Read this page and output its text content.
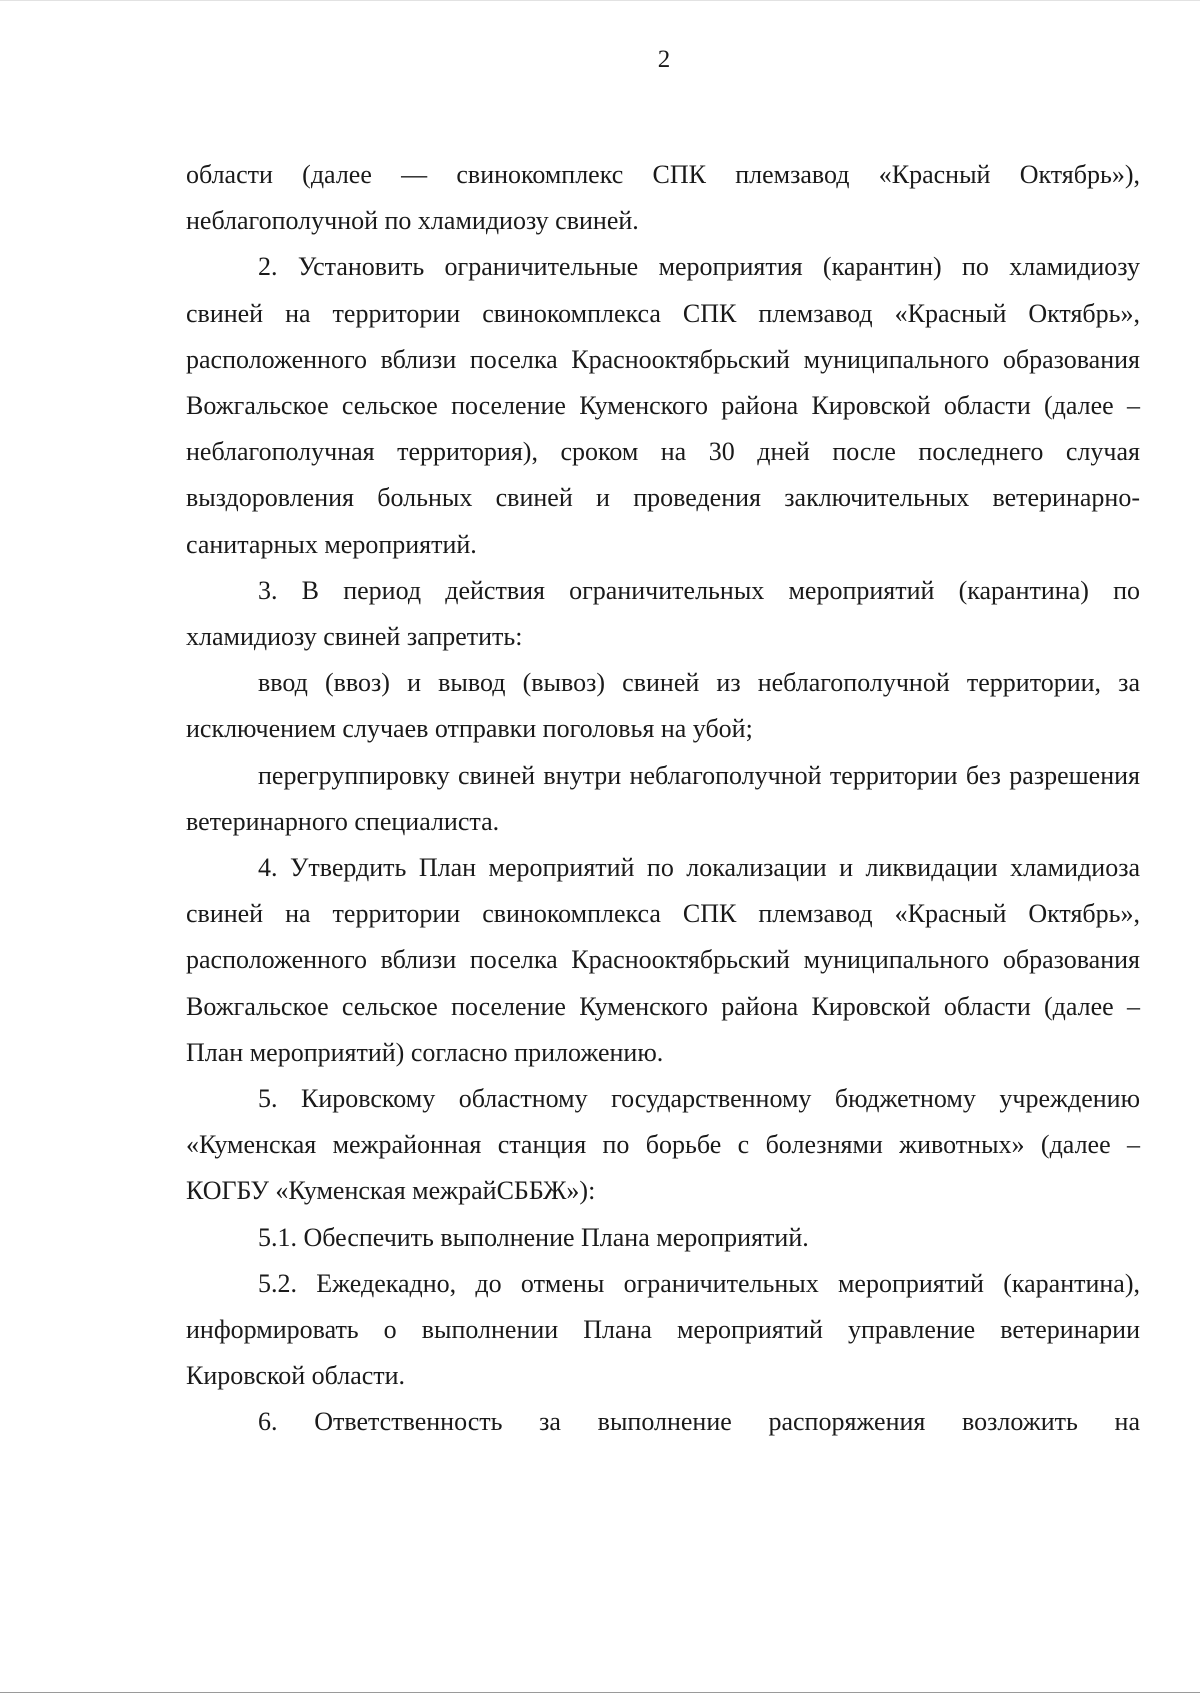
2

области (далее — свинокомплекс СПК племзавод «Красный Октябрь»), неблагополучной по хламидиозу свиней.

2. Установить ограничительные мероприятия (карантин) по хламидиозу свиней на территории свинокомплекса СПК племзавод «Красный Октябрь», расположенного вблизи поселка Краснооктябрьский муниципального образования Вожгальское сельское поселение Куменского района Кировской области (далее – неблагополучная территория), сроком на 30 дней после последнего случая выздоровления больных свиней и проведения заключительных ветеринарно-санитарных мероприятий.

3. В период действия ограничительных мероприятий (карантина) по хламидиозу свиней запретить:

ввод (ввоз) и вывод (вывоз) свиней из неблагополучной территории, за исключением случаев отправки поголовья на убой;

перегруппировку свиней внутри неблагополучной территории без разрешения ветеринарного специалиста.

4. Утвердить План мероприятий по локализации и ликвидации хламидиоза свиней на территории свинокомплекса СПК племзавод «Красный Октябрь», расположенного вблизи поселка Краснооктябрьский муниципального образования Вожгальское сельское поселение Куменского района Кировской области (далее – План мероприятий) согласно приложению.

5. Кировскому областному государственному бюджетному учреждению «Куменская межрайонная станция по борьбе с болезнями животных» (далее – КОГБУ «Куменская межрайСББЖ»):

5.1. Обеспечить выполнение Плана мероприятий.

5.2. Ежедекадно, до отмены ограничительных мероприятий (карантина), информировать о выполнении Плана мероприятий управление ветеринарии Кировской области.

6. Ответственность за выполнение распоряжения возложить на
